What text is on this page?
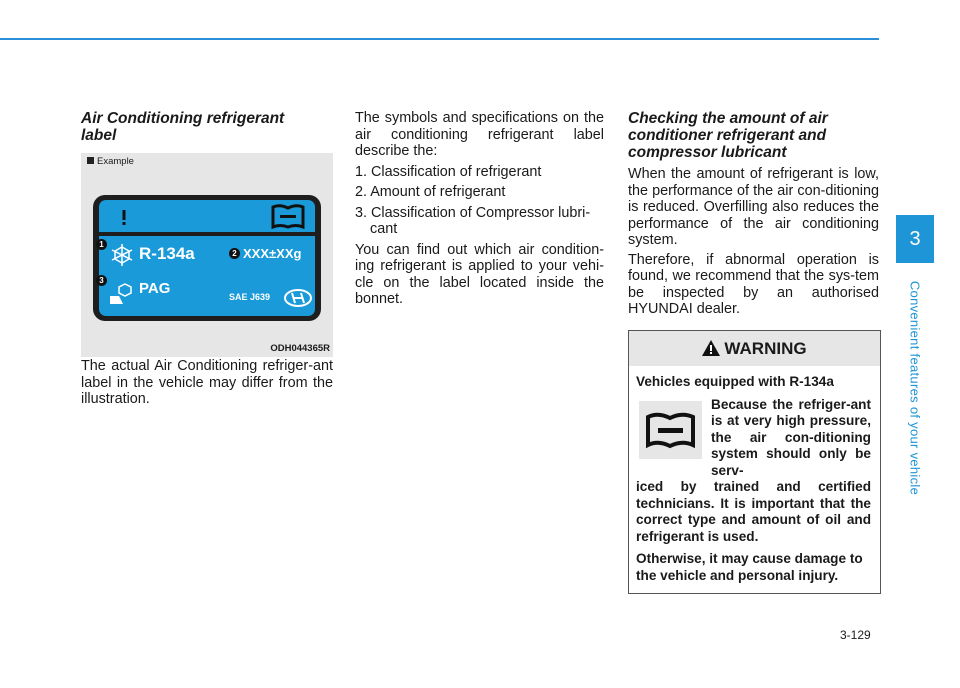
Air Conditioning refrigerant label

Example
R-134a	2 XXX±XXg
PAG	SAE J639
1
3
ODH044365R
The actual Air Conditioning refriger-ant label in the vehicle may differ from the illustration.
The symbols and specifications on the air conditioning refrigerant label describe the:
1. Classification of refrigerant
2. Amount of refrigerant
3. Classification of Compressor lubri-cant
You can find out which air condition-ing refrigerant is applied to your vehi-cle on the label located inside the bonnet.

Checking the amount of air conditioner refrigerant and compressor lubricant

When the amount of refrigerant is low, the performance of the air con-ditioning is reduced. Overfilling also reduces the performance of the air conditioning system.
Therefore, if abnormal operation is found, we recommend that the sys-tem be inspected by an authorised HYUNDAI dealer.
WARNING
Vehicles equipped with R-134a
Because the refriger-ant is at very high pressure, the air con-ditioning system should only be serv-
iced by trained and certified technicians. It is important that the correct type and amount of oil and refrigerant is used.
Otherwise, it may cause damage to the vehicle and personal injury.
3-129
3
Convenient features of your vehicle
